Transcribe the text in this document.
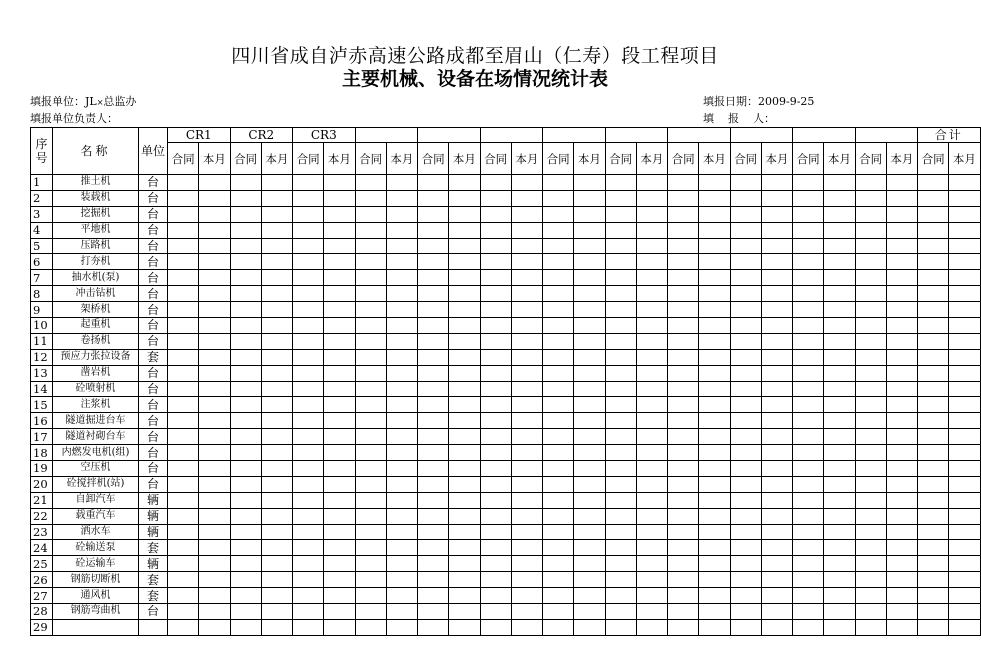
四川省成自泸赤高速公路成都至眉山（仁寿）段工程项目
主要机械、设备在场情况统计表
填报单位：JL×总监办	填报日期：2009-9-25
填报单位负责人：	填    报    人：
序号	名称	单位	CR1		CR2		CR3																				合计	
			合同	本月	合同	本月	合同	本月	合同	本月	合同	本月	合同	本月	合同	本月	合同	本月	合同	本月	合同	本月	合同	本月	合同	本月	合同	本月
1	推土机	台																										
2	装载机	台																										
3	挖掘机	台																										
4	平地机	台																										
5	压路机	台																										
6	打夯机	台																										
7	抽水机(泵)	台																										
8	冲击钻机	台																										
9	架桥机	台																										
10	起重机	台																										
11	卷扬机	台																										
12	预应力张拉设备	套																										
13	凿岩机	台																										
14	砼喷射机	台																										
15	注浆机	台																										
16	隧道掘进台车	台																										
17	隧道衬砌台车	台																										
18	内燃发电机(组)	台																										
19	空压机	台																										
20	砼搅拌机(站)	台																										
21	自卸汽车	辆																										
22	载重汽车	辆																										
23	洒水车	辆																										
24	砼输送泵	套																										
25	砼运输车	辆																										
26	钢筋切断机	套																										
27	通风机	套																										
28	钢筋弯曲机	台																										
29																												
